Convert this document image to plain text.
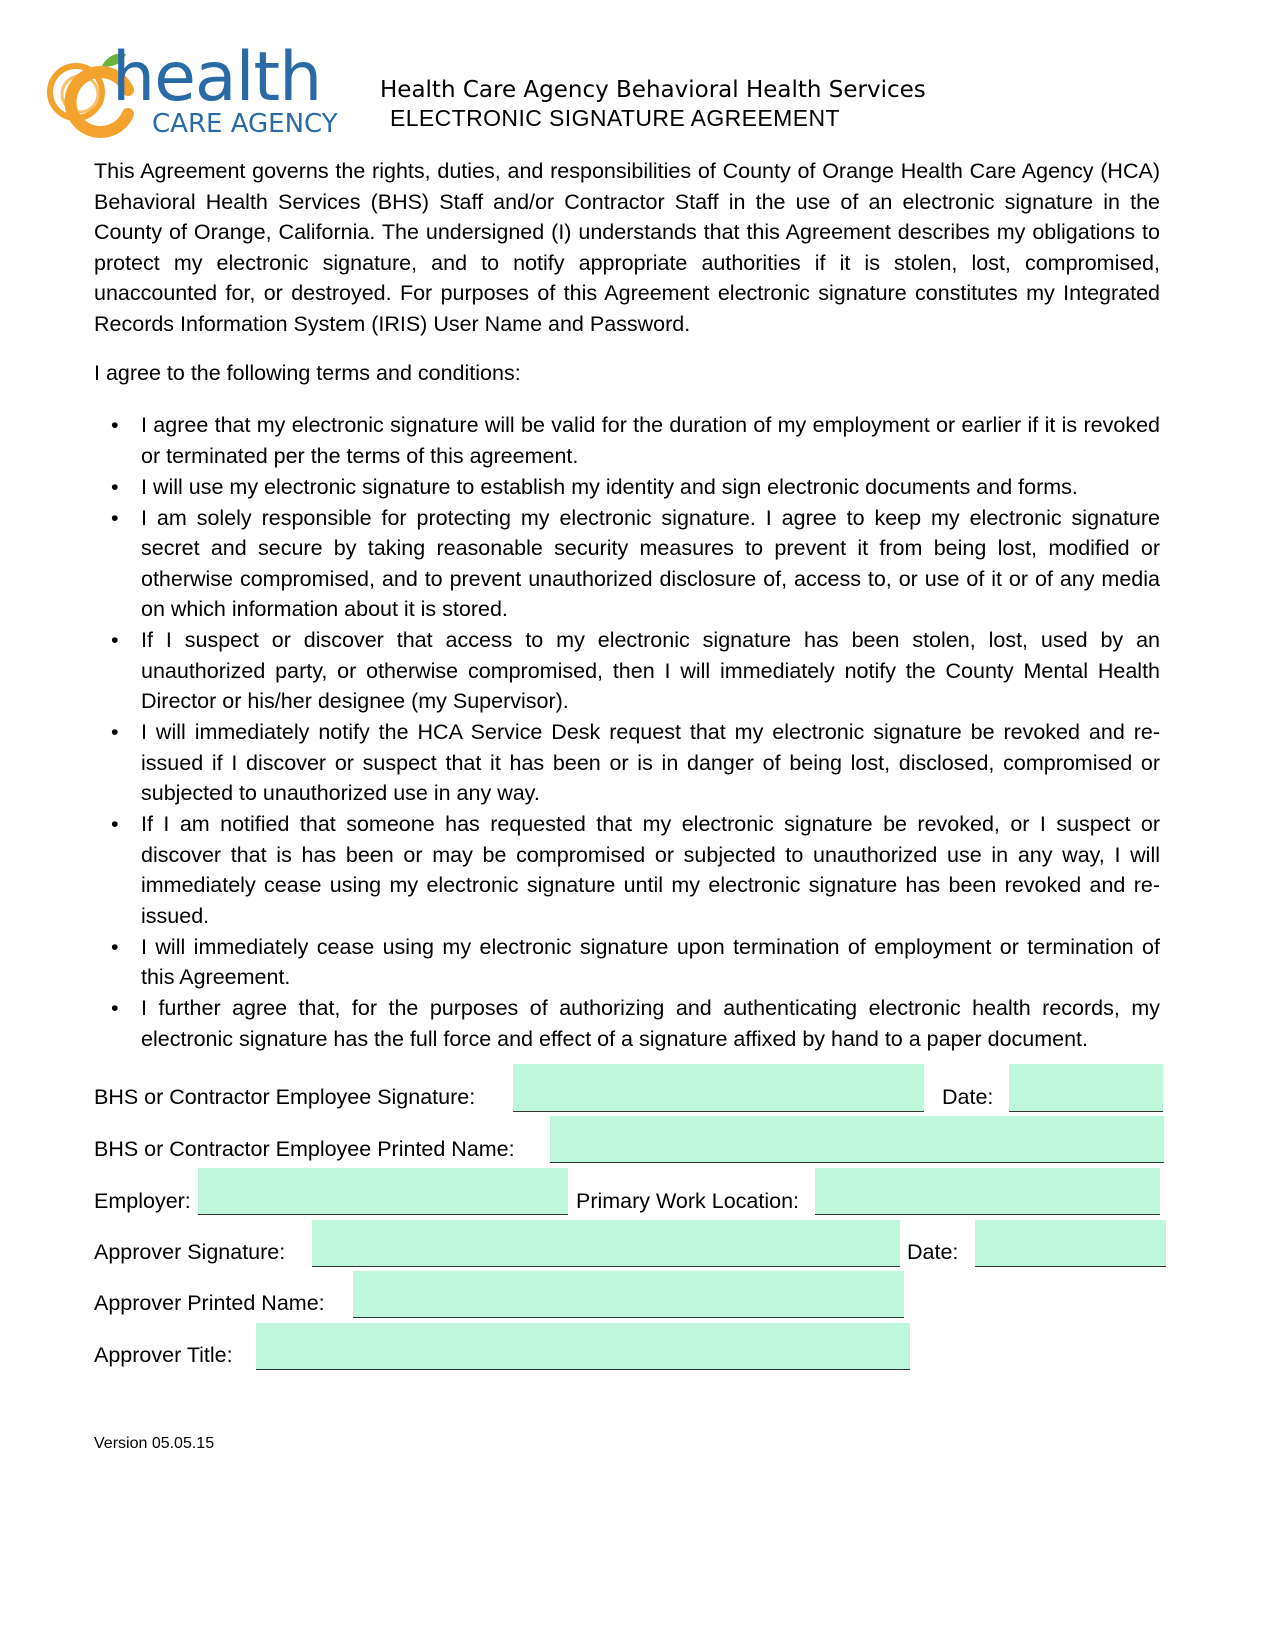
health
CARE AGENCY
Health Care Agency Behavioral Health Services
ELECTRONIC SIGNATURE AGREEMENT
This Agreement governs the rights, duties, and responsibilities of County of Orange Health Care Agency (HCA) Behavioral Health Services (BHS) Staff and/or Contractor Staff in the use of an electronic signature in the County of Orange, California. The undersigned (I) understands that this Agreement describes my obligations to protect my electronic signature, and to notify appropriate authorities if it is stolen, lost, compromised, unaccounted for, or destroyed. For purposes of this Agreement electronic signature constitutes my Integrated Records Information System (IRIS) User Name and Password.
I agree to the following terms and conditions:
• I agree that my electronic signature will be valid for the duration of my employment or earlier if it is revoked or terminated per the terms of this agreement.
• I will use my electronic signature to establish my identity and sign electronic documents and forms.
• I am solely responsible for protecting my electronic signature. I agree to keep my electronic signature secret and secure by taking reasonable security measures to prevent it from being lost, modified or otherwise compromised, and to prevent unauthorized disclosure of, access to, or use of it or of any media on which information about it is stored.
• If I suspect or discover that access to my electronic signature has been stolen, lost, used by an unauthorized party, or otherwise compromised, then I will immediately notify the County Mental Health Director or his/her designee (my Supervisor).
• I will immediately notify the HCA Service Desk request that my electronic signature be revoked and re-issued if I discover or suspect that it has been or is in danger of being lost, disclosed, compromised or subjected to unauthorized use in any way.
• If I am notified that someone has requested that my electronic signature be revoked, or I suspect or discover that is has been or may be compromised or subjected to unauthorized use in any way, I will immediately cease using my electronic signature until my electronic signature has been revoked and re-issued.
• I will immediately cease using my electronic signature upon termination of employment or termination of this Agreement.
• I further agree that, for the purposes of authorizing and authenticating electronic health records, my electronic signature has the full force and effect of a signature affixed by hand to a paper document.
BHS or Contractor Employee Signature:	Date:
BHS or Contractor Employee Printed Name:
Employer:	Primary Work Location:
Approver Signature:	Date:
Approver Printed Name:
Approver Title:
Version 05.05.15
